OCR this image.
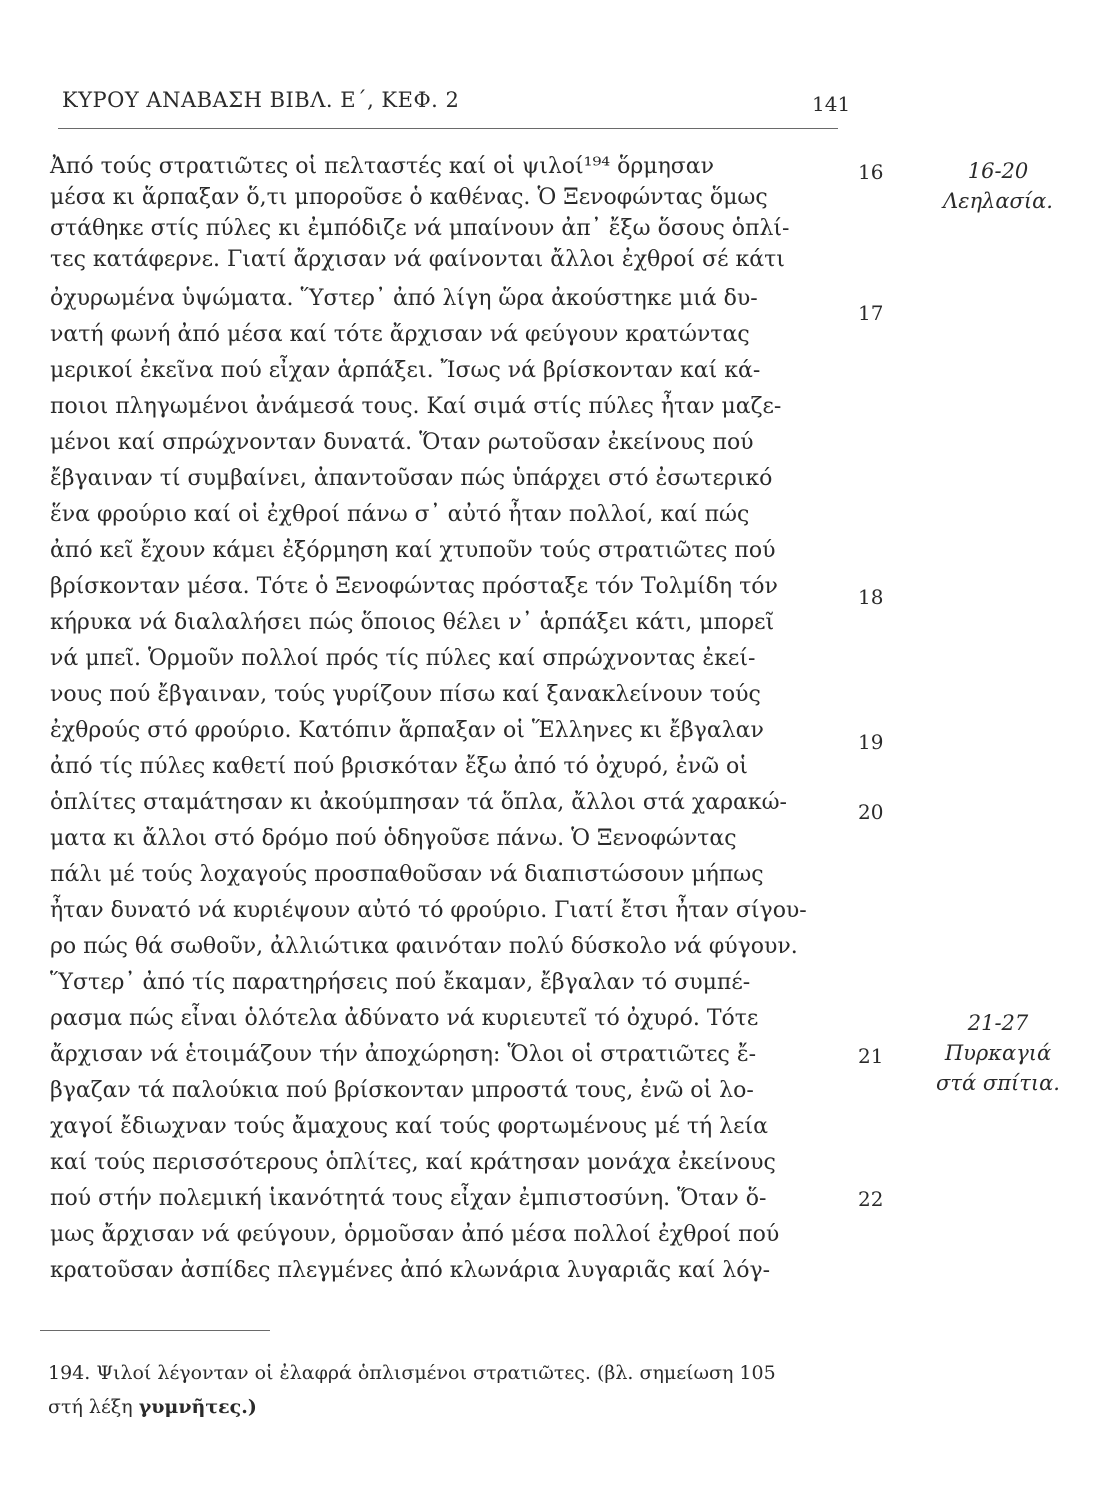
ΚΥΡΟΥ ΑΝΑΒΑΣΗ ΒΙΒΛ. Ε΄, ΚΕΦ. 2	141
Ἀπό τούς στρατιῶτες οἱ πελταστές καί οἱ ψιλοί¹⁹⁴ ὅρμησαν
μέσα κι ἅρπαξαν ὅ,τι μποροῦσε ὁ καθένας. Ὁ Ξενοφώντας ὅμως
στάθηκε στίς πύλες κι ἐμπόδιζε νά μπαίνουν ἀπ᾽ ἔξω ὅσους ὁπλί-
τες κατάφερνε. Γιατί ἄρχισαν νά φαίνονται ἄλλοι ἐχθροί σέ κάτι
ὀχυρωμένα ὑψώματα. Ὕστερ᾽ ἀπό λίγη ὥρα ἀκούστηκε μιά δυ-
νατή φωνή ἀπό μέσα καί τότε ἄρχισαν νά φεύγουν κρατώντας
μερικοί ἐκεῖνα πού εἶχαν ἁρπάξει. Ἴσως νά βρίσκονταν καί κά-
ποιοι πληγωμένοι ἀνάμεσά τους. Καί σιμά στίς πύλες ἦταν μαζε-
μένοι καί σπρώχνονταν δυνατά. Ὅταν ρωτοῦσαν ἐκείνους πού
ἔβγαιναν τί συμβαίνει, ἀπαντοῦσαν πώς ὑπάρχει στό ἐσωτερικό
ἕνα φρούριο καί οἱ ἐχθροί πάνω σ᾽ αὐτό ἦταν πολλοί, καί πώς
ἀπό κεῖ ἔχουν κάμει ἐξόρμηση καί χτυποῦν τούς στρατιῶτες πού
βρίσκονταν μέσα. Τότε ὁ Ξενοφώντας πρόσταξε τόν Τολμίδη τόν
κήρυκα νά διαλαλήσει πώς ὅποιος θέλει ν᾽ ἁρπάξει κάτι, μπορεῖ
νά μπεῖ. Ὁρμοῦν πολλοί πρός τίς πύλες καί σπρώχνοντας ἐκεί-
νους πού ἔβγαιναν, τούς γυρίζουν πίσω καί ξανακλείνουν τούς
ἐχθρούς στό φρούριο. Κατόπιν ἅρπαξαν οἱ Ἕλληνες κι ἔβγαλαν
ἀπό τίς πύλες καθετί πού βρισκόταν ἔξω ἀπό τό ὀχυρό, ἐνῶ οἱ
ὁπλίτες σταμάτησαν κι ἀκούμπησαν τά ὅπλα, ἄλλοι στά χαρακώ-
ματα κι ἄλλοι στό δρόμο πού ὁδηγοῦσε πάνω. Ὁ Ξενοφώντας
πάλι μέ τούς λοχαγούς προσπαθοῦσαν νά διαπιστώσουν μήπως
ἦταν δυνατό νά κυριέψουν αὐτό τό φρούριο. Γιατί ἔτσι ἦταν σίγου-
ρο πώς θά σωθοῦν, ἀλλιώτικα φαινόταν πολύ δύσκολο νά φύγουν.
Ὕστερ᾽ ἀπό τίς παρατηρήσεις πού ἔκαμαν, ἔβγαλαν τό συμπέ-
ρασμα πώς εἶναι ὁλότελα ἀδύνατο νά κυριευτεῖ τό ὀχυρό. Τότε
ἄρχισαν νά ἑτοιμάζουν τήν ἀποχώρηση: Ὅλοι οἱ στρατιῶτες ἔ-
βγαζαν τά παλούκια πού βρίσκονταν μπροστά τους, ἐνῶ οἱ λο-
χαγοί ἔδιωχναν τούς ἄμαχους καί τούς φορτωμένους μέ τή λεία
καί τούς περισσότερους ὁπλίτες, καί κράτησαν μονάχα ἐκείνους
πού στήν πολεμική ἱκανότητά τους εἶχαν ἐμπιστοσύνη. Ὅταν ὅ-
μως ἄρχισαν νά φεύγουν, ὁρμοῦσαν ἀπό μέσα πολλοί ἐχθροί πού
κρατοῦσαν ἀσπίδες πλεγμένες ἀπό κλωνάρια λυγαριᾶς καί λόγ-
16
17
18
19
20
21
22
16-20
Λεηλασία.
21-27
Πυρκαγιά
στά σπίτια.
194. Ψιλοί λέγονταν οἱ ἐλαφρά ὁπλισμένοι στρατιῶτες. (βλ. σημείωση 105
στή λέξη γυμνῆτες.)
